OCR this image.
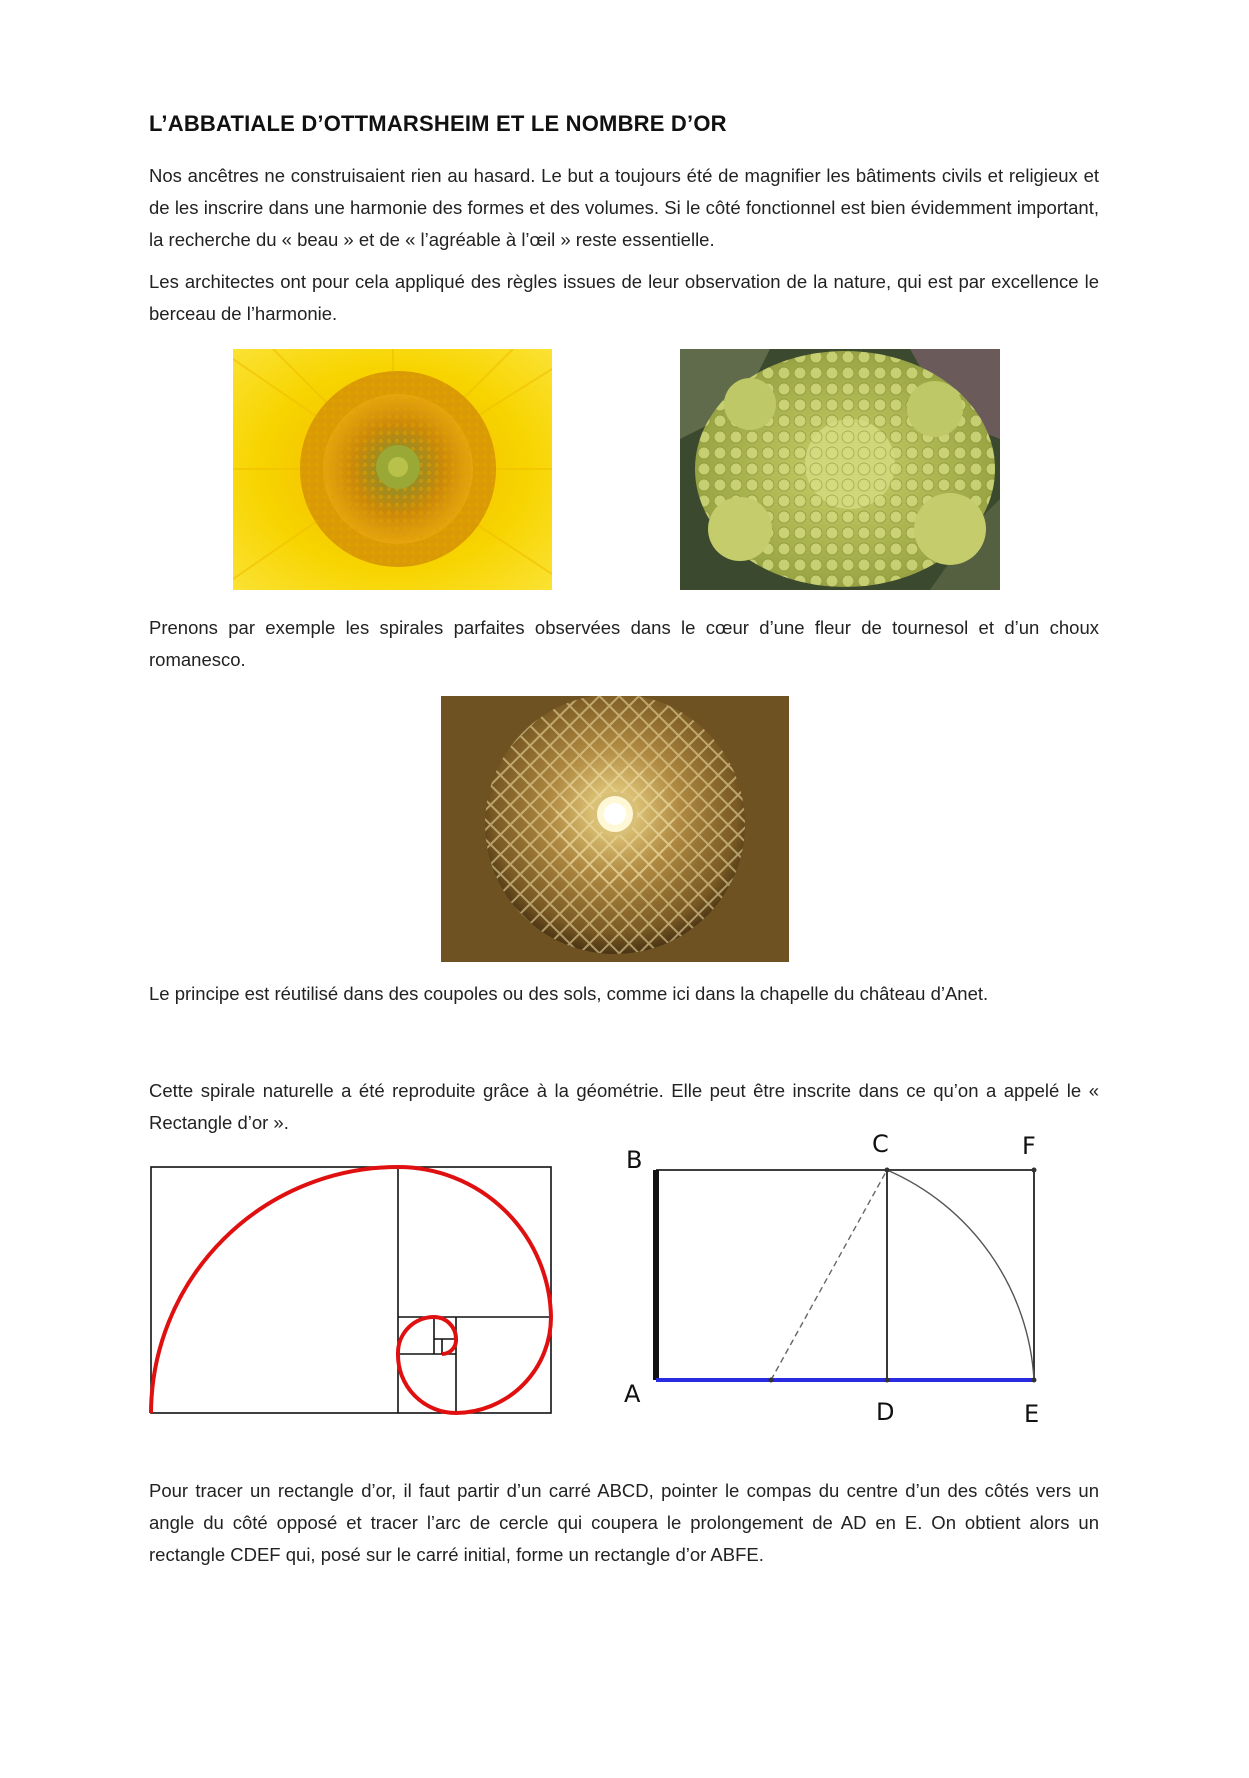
L’ABBATIALE D’OTTMARSHEIM ET LE NOMBRE D’OR
Nos ancêtres ne construisaient rien au hasard. Le but a toujours été de magnifier les bâtiments civils et religieux et de les inscrire dans une harmonie des formes et des volumes. Si le côté fonctionnel est bien évidemment important, la recherche du « beau » et de « l’agréable à l’œil » reste essentielle.
Les architectes ont pour cela appliqué des règles issues de leur observation de la nature, qui est par excellence le berceau de l’harmonie.
Prenons par exemple les spirales parfaites observées dans le cœur d’une fleur de tournesol et d’un choux romanesco.
Le principe est réutilisé dans des coupoles ou des sols, comme ici dans la chapelle du château d’Anet.
Cette spirale naturelle a été reproduite grâce à la géométrie. Elle peut être inscrite dans ce qu’on a appelé le « Rectangle d’or ».
B
C	F
A
D	E
Pour tracer un rectangle d’or, il faut partir d’un carré ABCD, pointer le compas du centre d’un des côtés vers un angle du côté opposé et tracer l’arc de cercle qui coupera le prolongement de AD en E. On obtient alors un rectangle CDEF qui, posé sur le carré initial, forme un rectangle d’or ABFE.
